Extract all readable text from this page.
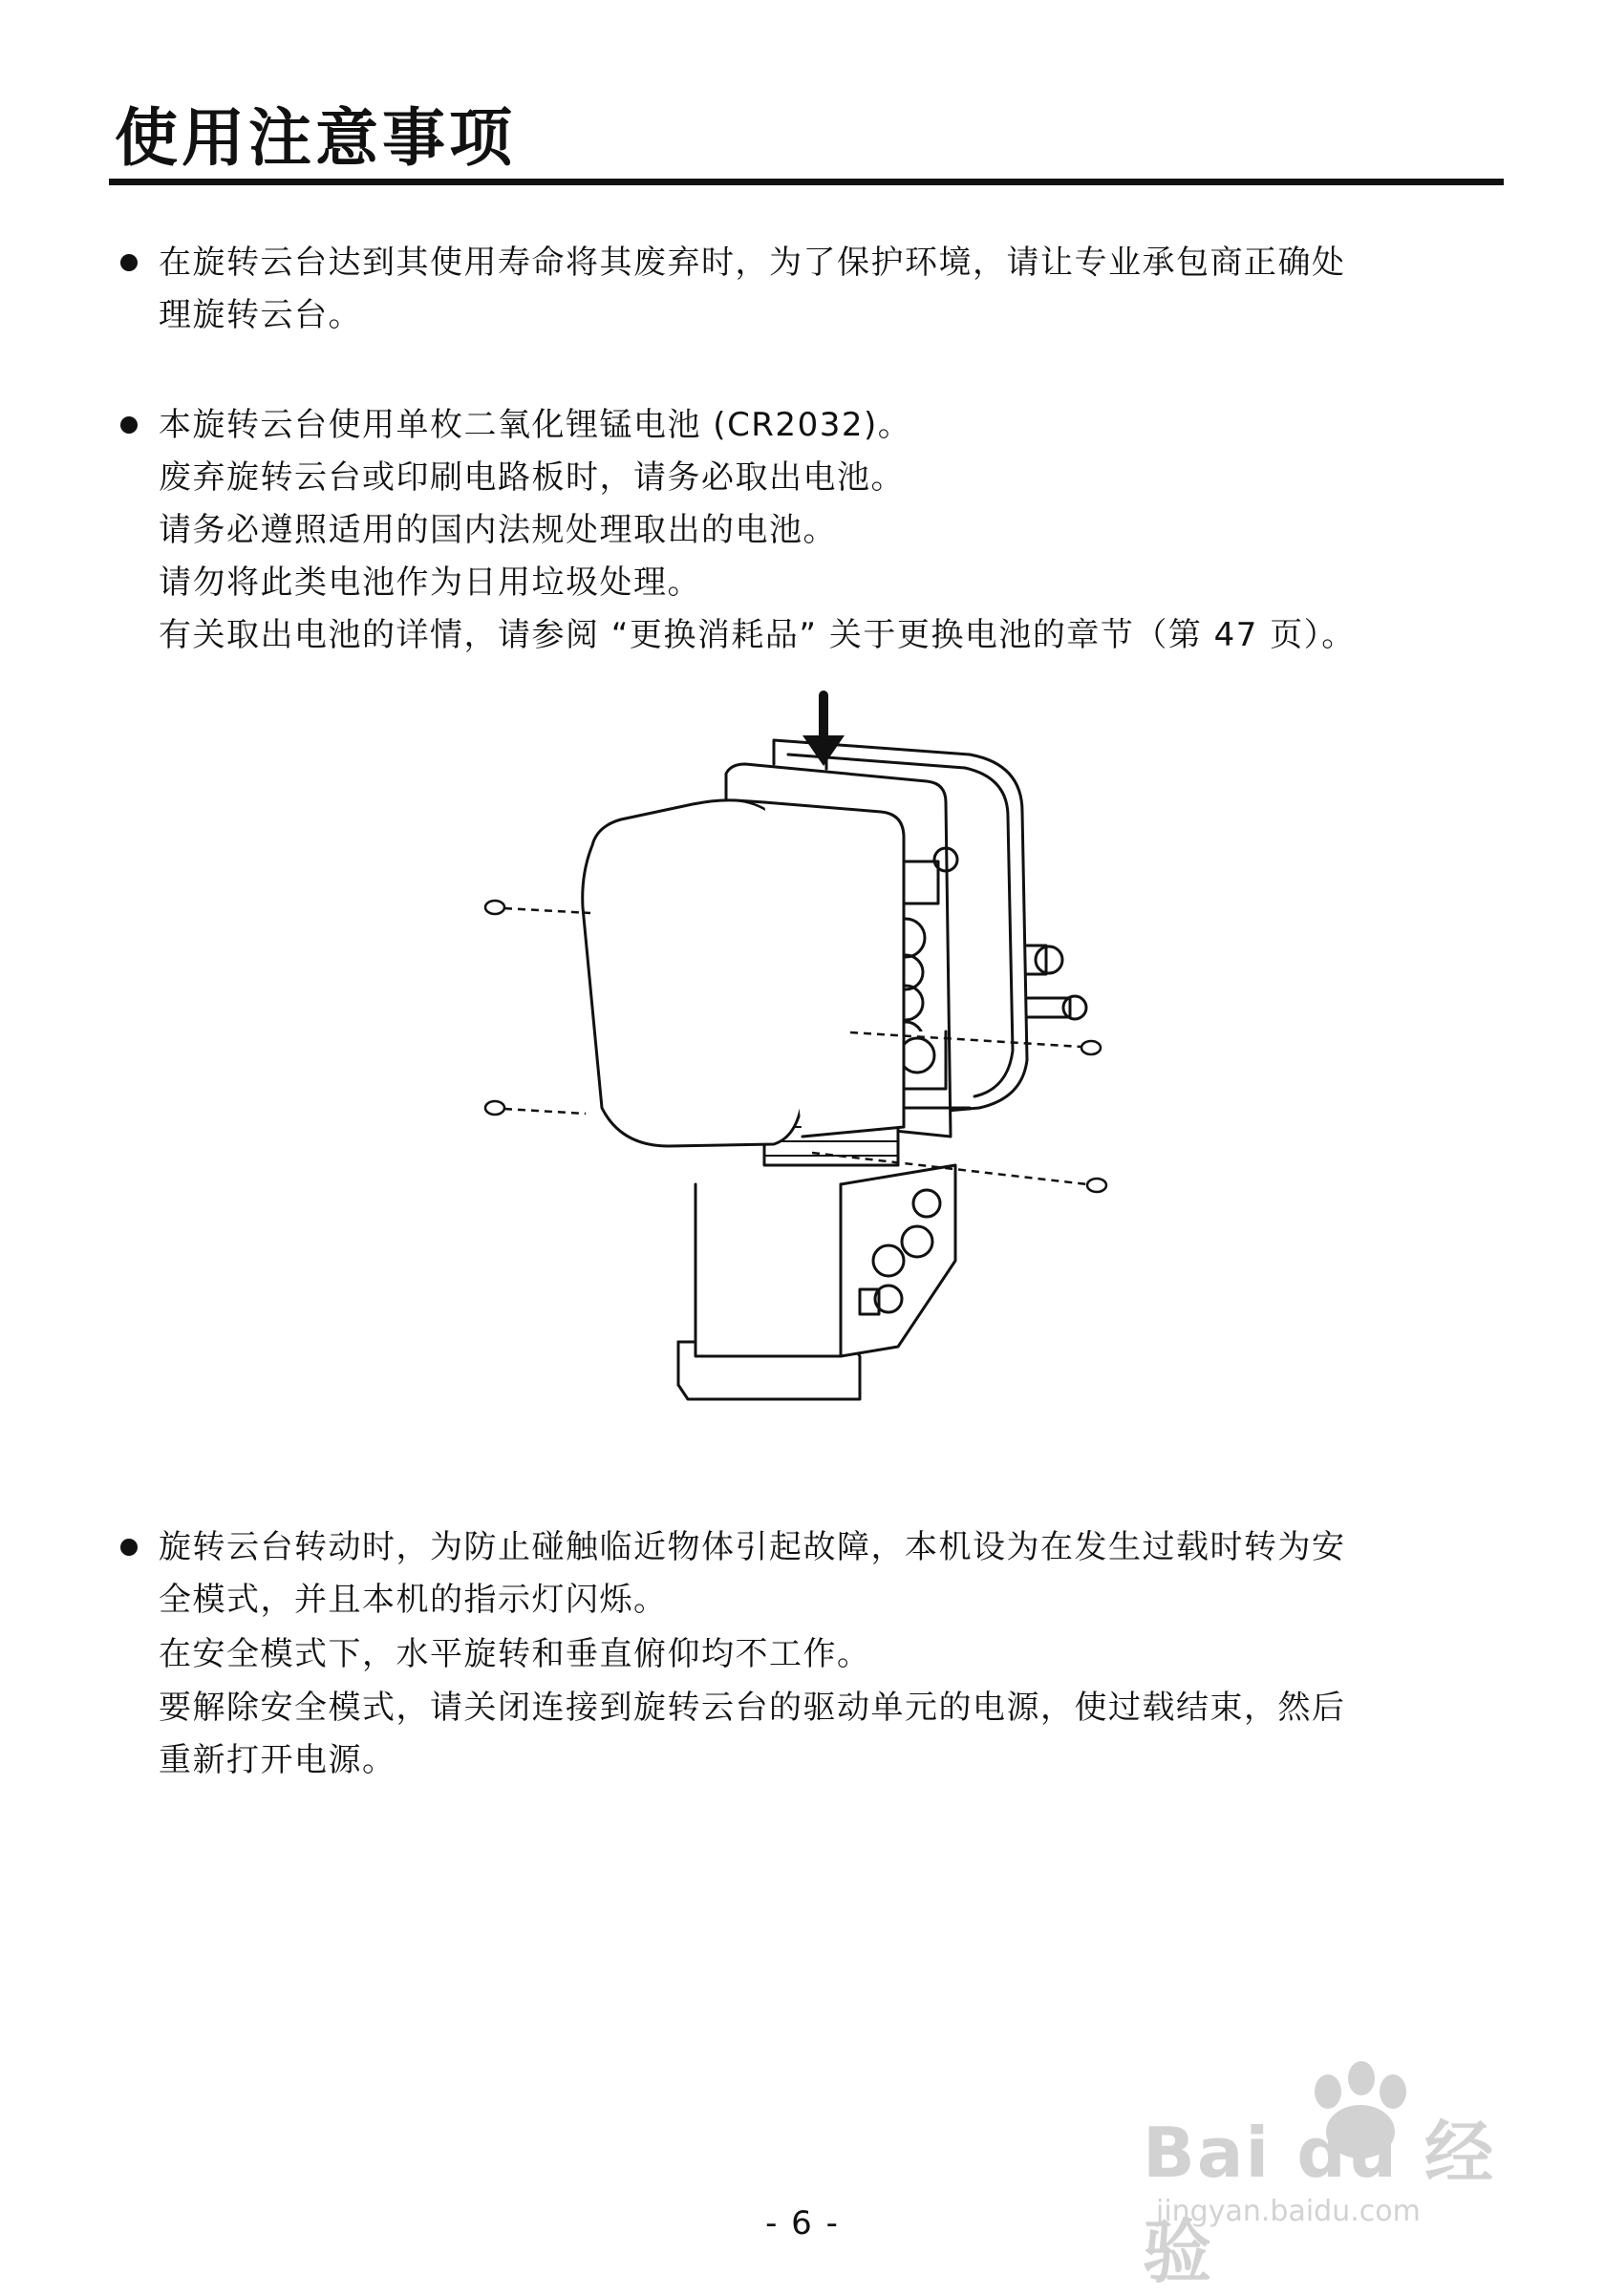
使用注意事项
在旋转云台达到其使用寿命将其废弃时，为了保护环境，请让专业承包商正确处
理旋转云台。
本旋转云台使用单枚二氧化锂锰电池 (CR2032)。
废弃旋转云台或印刷电路板时，请务必取出电池。
请务必遵照适用的国内法规处理取出的电池。
请勿将此类电池作为日用垃圾处理。
有关取出电池的详情，请参阅 “更换消耗品” 关于更换电池的章节（第 47 页）。
旋转云台转动时，为防止碰触临近物体引起故障，本机设为在发生过载时转为安
全模式，并且本机的指示灯闪烁。
在安全模式下，水平旋转和垂直俯仰均不工作。
要解除安全模式，请关闭连接到旋转云台的驱动单元的电源，使过载结束，然后
重新打开电源。
Bai du 经验
jingyan.baidu.com
- 6 -
